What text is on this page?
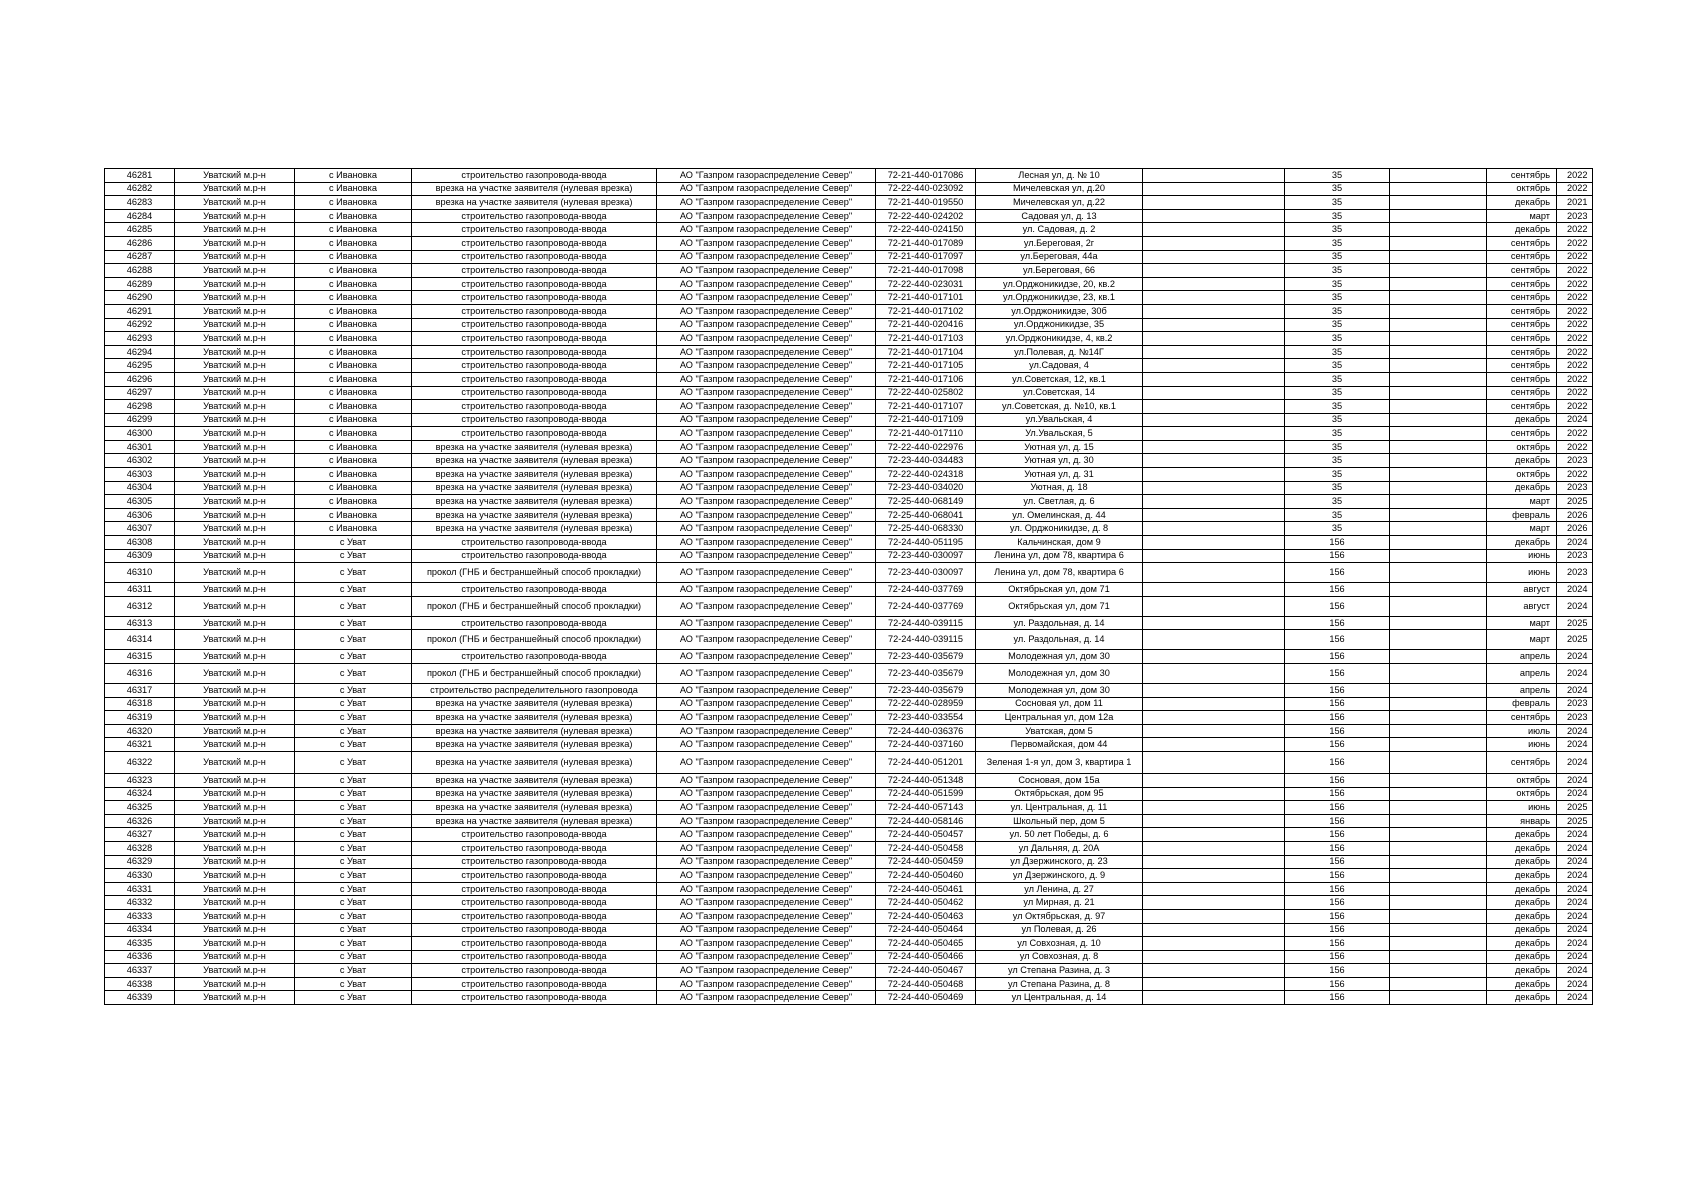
46281	Уватский м.р-н	с Ивановка	строительство газопровода-ввода	АО "Газпром газораспределение Север"	72-21-440-017086	Лесная ул, д. № 10		35		сентябрь	2022
46282	Уватский м.р-н	с Ивановка	врезка на участке заявителя (нулевая врезка)	АО "Газпром газораспределение Север"	72-22-440-023092	Мичелевская ул, д.20		35		октябрь	2022
46283	Уватский м.р-н	с Ивановка	врезка на участке заявителя (нулевая врезка)	АО "Газпром газораспределение Север"	72-21-440-019550	Мичелевская ул, д.22		35		декабрь	2021
46284	Уватский м.р-н	с Ивановка	строительство газопровода-ввода	АО "Газпром газораспределение Север"	72-22-440-024202	Садовая ул, д. 13		35		март	2023
46285	Уватский м.р-н	с Ивановка	строительство газопровода-ввода	АО "Газпром газораспределение Север"	72-22-440-024150	ул. Садовая, д. 2		35		декабрь	2022
46286	Уватский м.р-н	с Ивановка	строительство газопровода-ввода	АО "Газпром газораспределение Север"	72-21-440-017089	ул.Береговая, 2г		35		сентябрь	2022
46287	Уватский м.р-н	с Ивановка	строительство газопровода-ввода	АО "Газпром газораспределение Север"	72-21-440-017097	ул.Береговая, 44а		35		сентябрь	2022
46288	Уватский м.р-н	с Ивановка	строительство газопровода-ввода	АО "Газпром газораспределение Север"	72-21-440-017098	ул.Береговая, 66		35		сентябрь	2022
46289	Уватский м.р-н	с Ивановка	строительство газопровода-ввода	АО "Газпром газораспределение Север"	72-22-440-023031	ул.Орджоникидзе, 20, кв.2		35		сентябрь	2022
46290	Уватский м.р-н	с Ивановка	строительство газопровода-ввода	АО "Газпром газораспределение Север"	72-21-440-017101	ул.Орджоникидзе, 23, кв.1		35		сентябрь	2022
46291	Уватский м.р-н	с Ивановка	строительство газопровода-ввода	АО "Газпром газораспределение Север"	72-21-440-017102	ул.Орджоникидзе, 30б		35		сентябрь	2022
46292	Уватский м.р-н	с Ивановка	строительство газопровода-ввода	АО "Газпром газораспределение Север"	72-21-440-020416	ул.Орджоникидзе, 35		35		сентябрь	2022
46293	Уватский м.р-н	с Ивановка	строительство газопровода-ввода	АО "Газпром газораспределение Север"	72-21-440-017103	ул.Орджоникидзе, 4, кв.2		35		сентябрь	2022
46294	Уватский м.р-н	с Ивановка	строительство газопровода-ввода	АО "Газпром газораспределение Север"	72-21-440-017104	ул.Полевая, д. №14Г		35		сентябрь	2022
46295	Уватский м.р-н	с Ивановка	строительство газопровода-ввода	АО "Газпром газораспределение Север"	72-21-440-017105	ул.Садовая, 4		35		сентябрь	2022
46296	Уватский м.р-н	с Ивановка	строительство газопровода-ввода	АО "Газпром газораспределение Север"	72-21-440-017106	ул.Советская, 12, кв.1		35		сентябрь	2022
46297	Уватский м.р-н	с Ивановка	строительство газопровода-ввода	АО "Газпром газораспределение Север"	72-22-440-025802	ул.Советская, 14		35		сентябрь	2022
46298	Уватский м.р-н	с Ивановка	строительство газопровода-ввода	АО "Газпром газораспределение Север"	72-21-440-017107	ул.Советская, д. №10, кв.1		35		сентябрь	2022
46299	Уватский м.р-н	с Ивановка	строительство газопровода-ввода	АО "Газпром газораспределение Север"	72-21-440-017109	ул.Увальская, 4		35		декабрь	2024
46300	Уватский м.р-н	с Ивановка	строительство газопровода-ввода	АО "Газпром газораспределение Север"	72-21-440-017110	Ул.Увальская, 5		35		сентябрь	2022
46301	Уватский м.р-н	с Ивановка	врезка на участке заявителя (нулевая врезка)	АО "Газпром газораспределение Север"	72-22-440-022976	Уютная ул, д. 15		35		октябрь	2022
46302	Уватский м.р-н	с Ивановка	врезка на участке заявителя (нулевая врезка)	АО "Газпром газораспределение Север"	72-23-440-034483	Уютная ул, д. 30		35		декабрь	2023
46303	Уватский м.р-н	с Ивановка	врезка на участке заявителя (нулевая врезка)	АО "Газпром газораспределение Север"	72-22-440-024318	Уютная ул, д. 31		35		октябрь	2022
46304	Уватский м.р-н	с Ивановка	врезка на участке заявителя (нулевая врезка)	АО "Газпром газораспределение Север"	72-23-440-034020	Уютная, д. 18		35		декабрь	2023
46305	Уватский м.р-н	с Ивановка	врезка на участке заявителя (нулевая врезка)	АО "Газпром газораспределение Север"	72-25-440-068149	ул. Светлая, д. 6		35		март	2025
46306	Уватский м.р-н	с Ивановка	врезка на участке заявителя (нулевая врезка)	АО "Газпром газораспределение Север"	72-25-440-068041	ул. Омелинская, д. 44		35		февраль	2026
46307	Уватский м.р-н	с Ивановка	врезка на участке заявителя (нулевая врезка)	АО "Газпром газораспределение Север"	72-25-440-068330	ул. Орджоникидзе, д. 8		35		март	2026
46308	Уватский м.р-н	с Уват	строительство газопровода-ввода	АО "Газпром газораспределение Север"	72-24-440-051195	Кальчинская, дом 9		156		декабрь	2024
46309	Уватский м.р-н	с Уват	строительство газопровода-ввода	АО "Газпром газораспределение Север"	72-23-440-030097	Ленина ул, дом 78, квартира 6		156		июнь	2023
46310	Уватский м.р-н	с Уват	прокол (ГНБ и бестраншейный способ прокладки)	АО "Газпром газораспределение Север"	72-23-440-030097	Ленина ул, дом 78, квартира 6		156		июнь	2023
46311	Уватский м.р-н	с Уват	строительство газопровода-ввода	АО "Газпром газораспределение Север"	72-24-440-037769	Октябрьская ул, дом 71		156		август	2024
46312	Уватский м.р-н	с Уват	прокол (ГНБ и бестраншейный способ прокладки)	АО "Газпром газораспределение Север"	72-24-440-037769	Октябрьская ул, дом 71		156		август	2024
46313	Уватский м.р-н	с Уват	строительство газопровода-ввода	АО "Газпром газораспределение Север"	72-24-440-039115	ул. Раздольная, д. 14		156		март	2025
46314	Уватский м.р-н	с Уват	прокол (ГНБ и бестраншейный способ прокладки)	АО "Газпром газораспределение Север"	72-24-440-039115	ул. Раздольная, д. 14		156		март	2025
46315	Уватский м.р-н	с Уват	строительство газопровода-ввода	АО "Газпром газораспределение Север"	72-23-440-035679	Молодежная ул, дом 30		156		апрель	2024
46316	Уватский м.р-н	с Уват	прокол (ГНБ и бестраншейный способ прокладки)	АО "Газпром газораспределение Север"	72-23-440-035679	Молодежная ул, дом 30		156		апрель	2024
46317	Уватский м.р-н	с Уват	строительство распределительного газопровода	АО "Газпром газораспределение Север"	72-23-440-035679	Молодежная ул, дом 30		156		апрель	2024
46318	Уватский м.р-н	с Уват	врезка на участке заявителя (нулевая врезка)	АО "Газпром газораспределение Север"	72-22-440-028959	Сосновая ул, дом 11		156		февраль	2023
46319	Уватский м.р-н	с Уват	врезка на участке заявителя (нулевая врезка)	АО "Газпром газораспределение Север"	72-23-440-033554	Центральная ул, дом 12а		156		сентябрь	2023
46320	Уватский м.р-н	с Уват	врезка на участке заявителя (нулевая врезка)	АО "Газпром газораспределение Север"	72-24-440-036376	Уватская, дом 5		156		июль	2024
46321	Уватский м.р-н	с Уват	врезка на участке заявителя (нулевая врезка)	АО "Газпром газораспределение Север"	72-24-440-037160	Первомайская, дом 44		156		июнь	2024
46322	Уватский м.р-н	с Уват	врезка на участке заявителя (нулевая врезка)	АО "Газпром газораспределение Север"	72-24-440-051201	Зеленая 1-я ул, дом 3, квартира 1		156		сентябрь	2024
46323	Уватский м.р-н	с Уват	врезка на участке заявителя (нулевая врезка)	АО "Газпром газораспределение Север"	72-24-440-051348	Сосновая, дом 15а		156		октябрь	2024
46324	Уватский м.р-н	с Уват	врезка на участке заявителя (нулевая врезка)	АО "Газпром газораспределение Север"	72-24-440-051599	Октябрьская, дом 95		156		октябрь	2024
46325	Уватский м.р-н	с Уват	врезка на участке заявителя (нулевая врезка)	АО "Газпром газораспределение Север"	72-24-440-057143	ул. Центральная, д. 11		156		июнь	2025
46326	Уватский м.р-н	с Уват	врезка на участке заявителя (нулевая врезка)	АО "Газпром газораспределение Север"	72-24-440-058146	Школьный пер, дом 5		156		январь	2025
46327	Уватский м.р-н	с Уват	строительство газопровода-ввода	АО "Газпром газораспределение Север"	72-24-440-050457	ул. 50 лет Победы, д. 6		156		декабрь	2024
46328	Уватский м.р-н	с Уват	строительство газопровода-ввода	АО "Газпром газораспределение Север"	72-24-440-050458	ул Дальняя, д. 20А		156		декабрь	2024
46329	Уватский м.р-н	с Уват	строительство газопровода-ввода	АО "Газпром газораспределение Север"	72-24-440-050459	ул Дзержинского, д. 23		156		декабрь	2024
46330	Уватский м.р-н	с Уват	строительство газопровода-ввода	АО "Газпром газораспределение Север"	72-24-440-050460	ул Дзержинского, д. 9		156		декабрь	2024
46331	Уватский м.р-н	с Уват	строительство газопровода-ввода	АО "Газпром газораспределение Север"	72-24-440-050461	ул Ленина, д. 27		156		декабрь	2024
46332	Уватский м.р-н	с Уват	строительство газопровода-ввода	АО "Газпром газораспределение Север"	72-24-440-050462	ул Мирная, д. 21		156		декабрь	2024
46333	Уватский м.р-н	с Уват	строительство газопровода-ввода	АО "Газпром газораспределение Север"	72-24-440-050463	ул Октябрьская, д. 97		156		декабрь	2024
46334	Уватский м.р-н	с Уват	строительство газопровода-ввода	АО "Газпром газораспределение Север"	72-24-440-050464	ул Полевая, д. 26		156		декабрь	2024
46335	Уватский м.р-н	с Уват	строительство газопровода-ввода	АО "Газпром газораспределение Север"	72-24-440-050465	ул Совхозная, д. 10		156		декабрь	2024
46336	Уватский м.р-н	с Уват	строительство газопровода-ввода	АО "Газпром газораспределение Север"	72-24-440-050466	ул Совхозная, д. 8		156		декабрь	2024
46337	Уватский м.р-н	с Уват	строительство газопровода-ввода	АО "Газпром газораспределение Север"	72-24-440-050467	ул Степана Разина, д. 3		156		декабрь	2024
46338	Уватский м.р-н	с Уват	строительство газопровода-ввода	АО "Газпром газораспределение Север"	72-24-440-050468	ул Степана Разина, д. 8		156		декабрь	2024
46339	Уватский м.р-н	с Уват	строительство газопровода-ввода	АО "Газпром газораспределение Север"	72-24-440-050469	ул Центральная, д. 14		156		декабрь	2024
